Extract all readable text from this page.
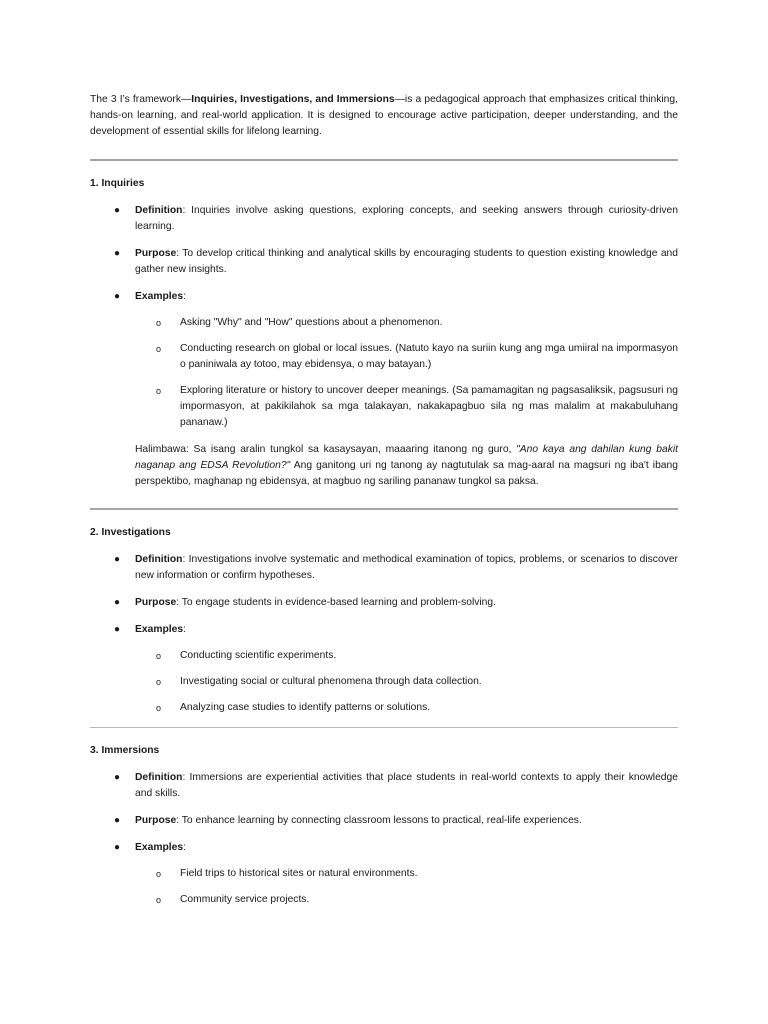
The 3 I’s framework—Inquiries, Investigations, and Immersions—is a pedagogical approach that emphasizes critical thinking, hands-on learning, and real-world application. It is designed to encourage active participation, deeper understanding, and the development of essential skills for lifelong learning.

1. Inquiries
● Definition: Inquiries involve asking questions, exploring concepts, and seeking answers through curiosity-driven learning.
● Purpose: To develop critical thinking and analytical skills by encouraging students to question existing knowledge and gather new insights.
● Examples:
o Asking "Why" and "How" questions about a phenomenon.
o Conducting research on global or local issues. (Natuto kayo na suriin kung ang mga umiiral na impormasyon o paniniwala ay totoo, may ebidensya, o may batayan.)
o Exploring literature or history to uncover deeper meanings. (Sa pamamagitan ng pagsasaliksik, pagsusuri ng impormasyon, at pakikilahok sa mga talakayan, nakakapagbuo sila ng mas malalim at makabuluhang pananaw.)

Halimbawa: Sa isang aralin tungkol sa kasaysayan, maaaring itanong ng guro, "Ano kaya ang dahilan kung bakit naganap ang EDSA Revolution?" Ang ganitong uri ng tanong ay nagtutulak sa mag-aaral na magsuri ng iba't ibang perspektibo, maghanap ng ebidensya, at magbuo ng sariling pananaw tungkol sa paksa.

2. Investigations
● Definition: Investigations involve systematic and methodical examination of topics, problems, or scenarios to discover new information or confirm hypotheses.
● Purpose: To engage students in evidence-based learning and problem-solving.
● Examples:
o Conducting scientific experiments.
o Investigating social or cultural phenomena through data collection.
o Analyzing case studies to identify patterns or solutions.
3. Immersions
● Definition: Immersions are experiential activities that place students in real-world contexts to apply their knowledge and skills.
● Purpose: To enhance learning by connecting classroom lessons to practical, real-life experiences.
● Examples:
o Field trips to historical sites or natural environments.
o Community service projects.
